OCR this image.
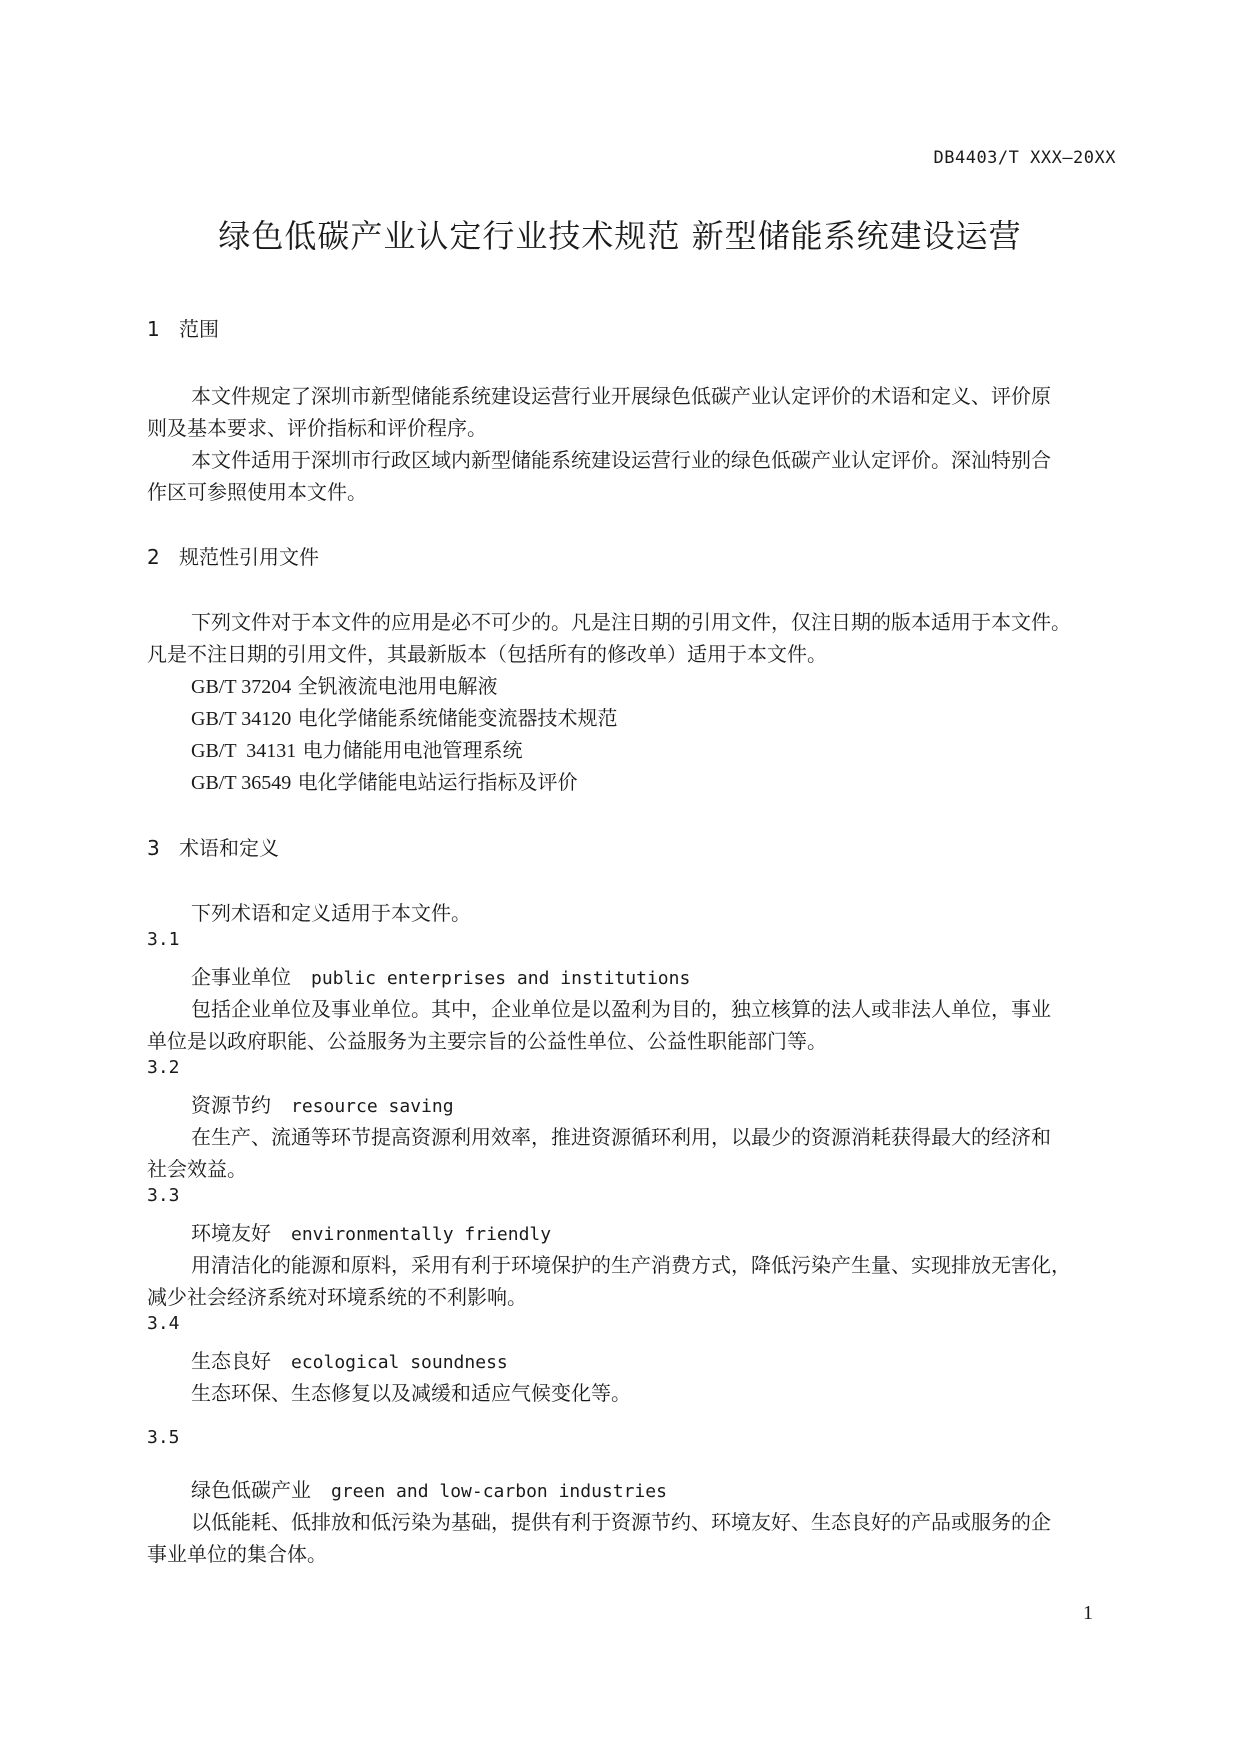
DB4403/T XXX—20XX
绿色低碳产业认定行业技术规范 新型储能系统建设运营
1 范围
本文件规定了深圳市新型储能系统建设运营行业开展绿色低碳产业认定评价的术语和定义、评价原
则及基本要求、评价指标和评价程序。
本文件适用于深圳市行政区域内新型储能系统建设运营行业的绿色低碳产业认定评价。深汕特别合
作区可参照使用本文件。
2 规范性引用文件
下列文件对于本文件的应用是必不可少的。凡是注日期的引用文件，仅注日期的版本适用于本文件。
凡是不注日期的引用文件，其最新版本（包括所有的修改单）适用于本文件。
GB/T 37204 全钒液流电池用电解液
GB/T 34120 电化学储能系统储能变流器技术规范
GB/T  34131 电力储能用电池管理系统
GB/T 36549 电化学储能电站运行指标及评价
3 术语和定义
下列术语和定义适用于本文件。
3.1
企事业单位 public enterprises and institutions
包括企业单位及事业单位。其中，企业单位是以盈利为目的，独立核算的法人或非法人单位，事业
单位是以政府职能、公益服务为主要宗旨的公益性单位、公益性职能部门等。
3.2
资源节约 resource saving
在生产、流通等环节提高资源利用效率，推进资源循环利用，以最少的资源消耗获得最大的经济和
社会效益。
3.3
环境友好 environmentally friendly
用清洁化的能源和原料，采用有利于环境保护的生产消费方式，降低污染产生量、实现排放无害化，
减少社会经济系统对环境系统的不利影响。
3.4
生态良好 ecological soundness
生态环保、生态修复以及减缓和适应气候变化等。
3.5
绿色低碳产业 green and low-carbon industries
以低能耗、低排放和低污染为基础，提供有利于资源节约、环境友好、生态良好的产品或服务的企
事业单位的集合体。
1
